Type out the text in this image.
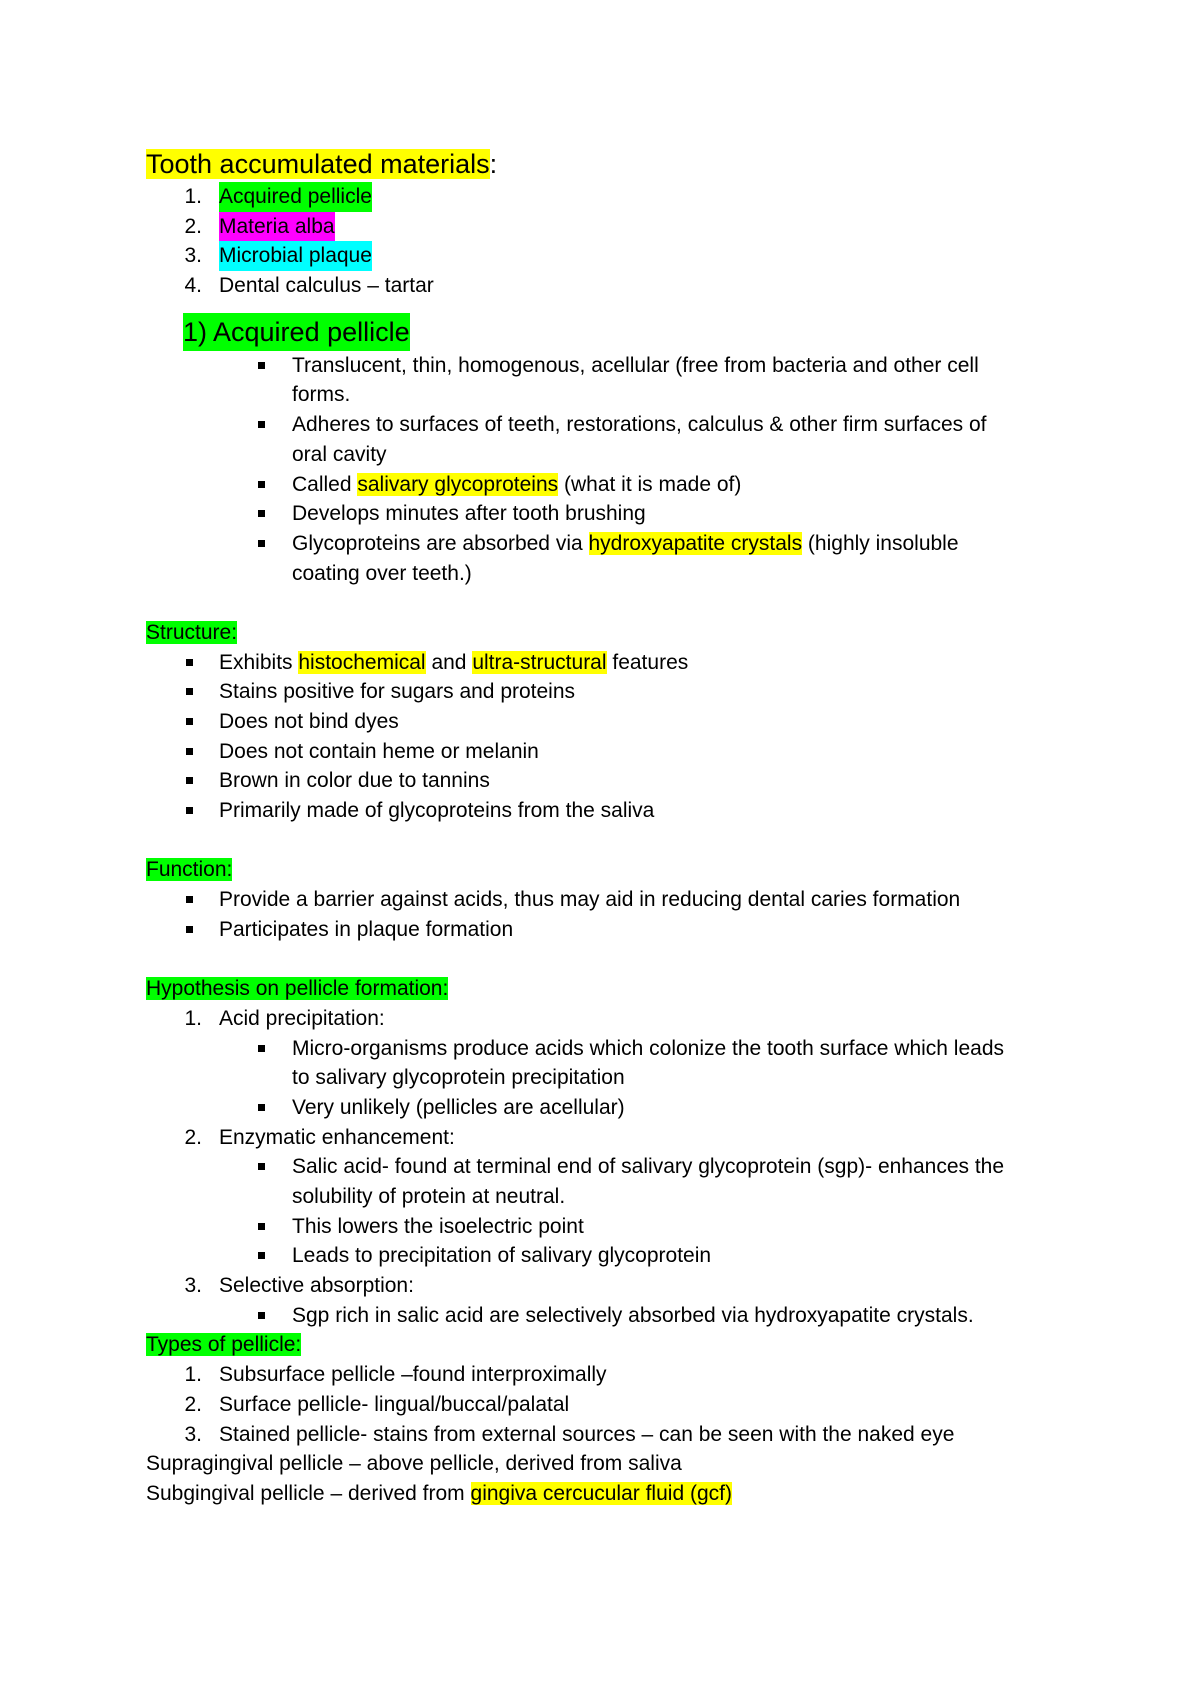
Tooth accumulated materials:
1. Acquired pellicle
2. Materia alba
3. Microbial plaque
4. Dental calculus – tartar
1) Acquired pellicle
Translucent, thin, homogenous, acellular (free from bacteria and other cell
forms.
Adheres to surfaces of teeth, restorations, calculus & other firm surfaces of
oral cavity
Called salivary glycoproteins (what it is made of)
Develops minutes after tooth brushing
Glycoproteins are absorbed via hydroxyapatite crystals (highly insoluble
coating over teeth.)
Structure:
Exhibits histochemical and ultra-structural features
Stains positive for sugars and proteins
Does not bind dyes
Does not contain heme or melanin
Brown in color due to tannins
Primarily made of glycoproteins from the saliva
Function:
Provide a barrier against acids, thus may aid in reducing dental caries formation
Participates in plaque formation
Hypothesis on pellicle formation:
1. Acid precipitation:
Micro-organisms produce acids which colonize the tooth surface which leads
to salivary glycoprotein precipitation
Very unlikely (pellicles are acellular)
2. Enzymatic enhancement:
Salic acid- found at terminal end of salivary glycoprotein (sgp)- enhances the
solubility of protein at neutral.
This lowers the isoelectric point
Leads to precipitation of salivary glycoprotein
3. Selective absorption:
Sgp rich in salic acid are selectively absorbed via hydroxyapatite crystals.
Types of pellicle:
1. Subsurface pellicle –found interproximally
2. Surface pellicle- lingual/buccal/palatal
3. Stained pellicle- stains from external sources – can be seen with the naked eye
Supragingival pellicle – above pellicle, derived from saliva
Subgingival pellicle – derived from gingiva cercucular fluid (gcf)
